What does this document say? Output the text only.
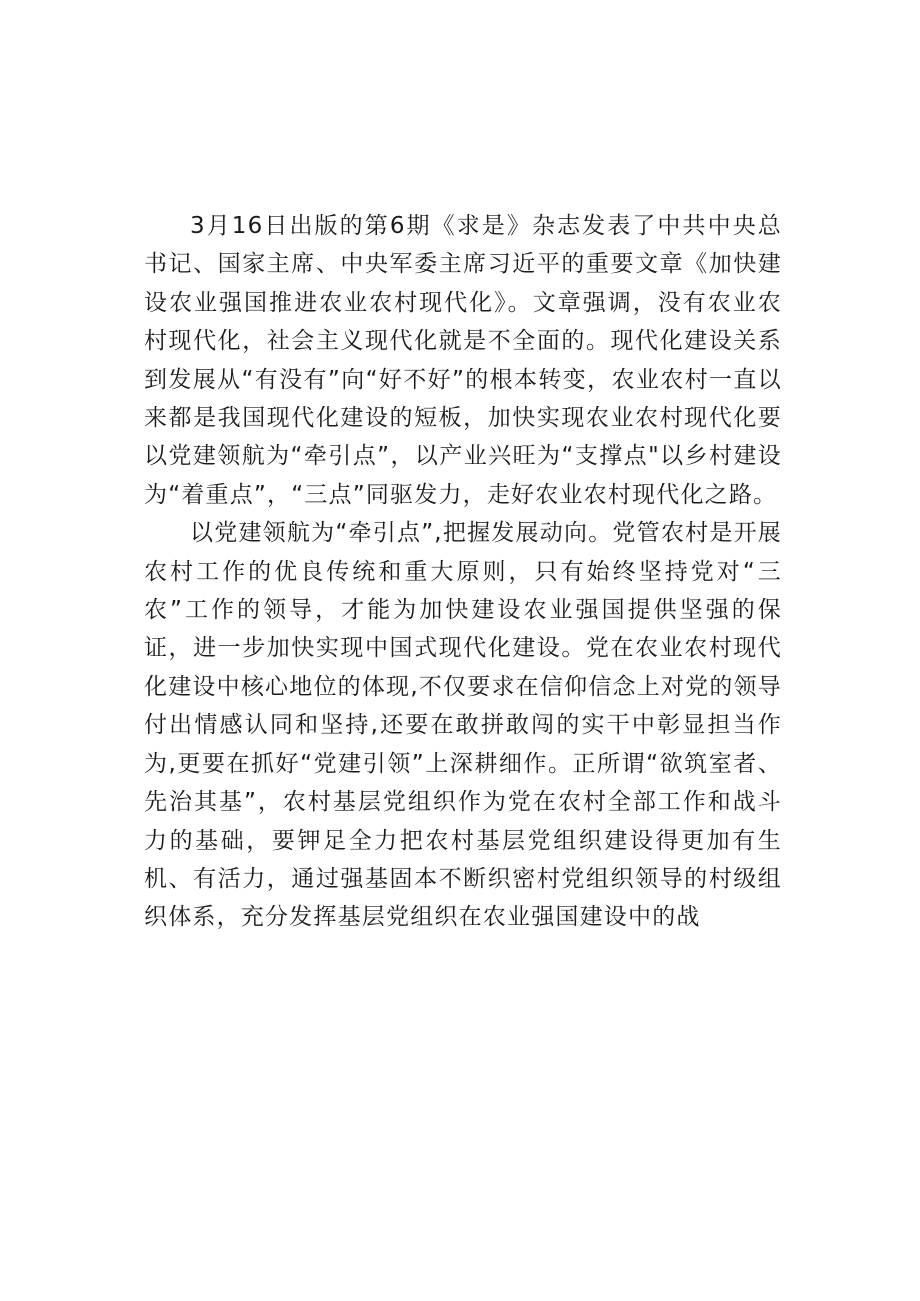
3月16日出版的第6期《求是》杂志发表了中共中央总书记、国家主席、中央军委主席习近平的重要文章《加快建设农业强国推进农业农村现代化》。文章强调，没有农业农村现代化，社会主义现代化就是不全面的。现代化建设关系到发展从“有没有”向“好不好”的根本转变，农业农村一直以来都是我国现代化建设的短板，加快实现农业农村现代化要以党建领航为“牵引点”，以产业兴旺为“支撑点"以乡村建设为“着重点”，“三点”同驱发力，走好农业农村现代化之路。

以党建领航为“牵引点”,把握发展动向。党管农村是开展农村工作的优良传统和重大原则，只有始终坚持党对“三农”工作的领导，才能为加快建设农业强国提供坚强的保证，进一步加快实现中国式现代化建设。党在农业农村现代化建设中核心地位的体现,不仅要求在信仰信念上对党的领导付出情感认同和坚持,还要在敢拼敢闯的实干中彰显担当作为,更要在抓好“党建引领”上深耕细作。正所谓“欲筑室者、先治其基”，农村基层党组织作为党在农村全部工作和战斗力的基础，要钾足全力把农村基层党组织建设得更加有生机、有活力，通过强基固本不断织密村党组织领导的村级组织体系，充分发挥基层党组织在农业强国建设中的战
